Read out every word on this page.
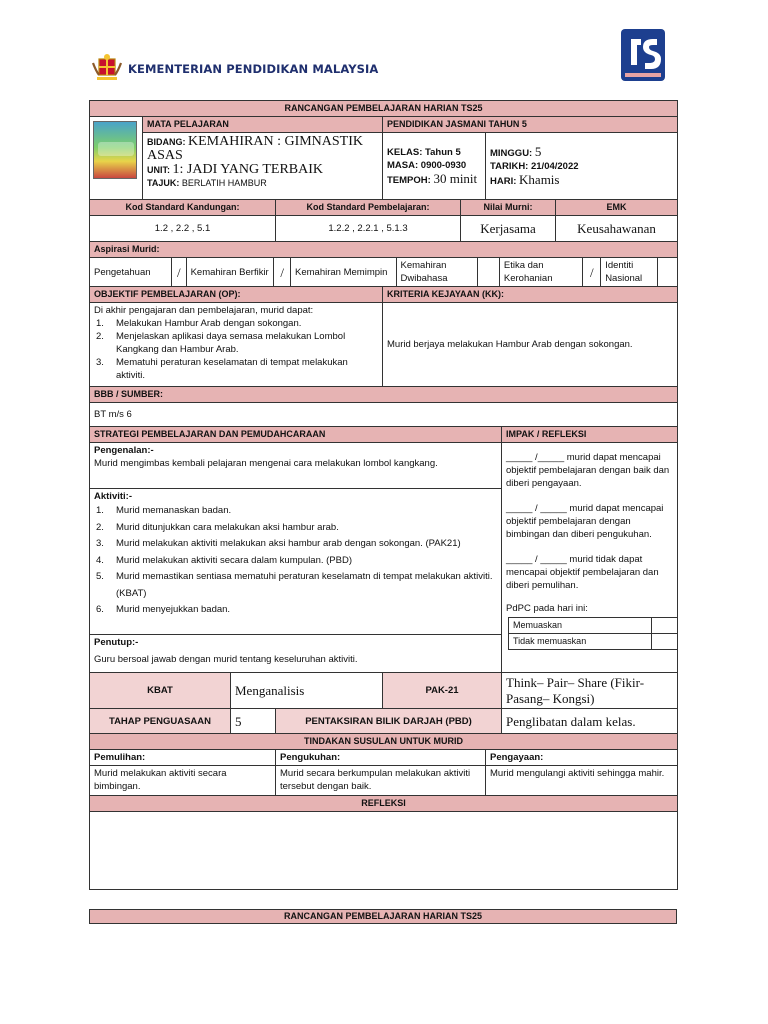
KEMENTERIAN PENDIDIKAN MALAYSIA
RANCANGAN PEMBELAJARAN HARIAN TS25

	MATA PELAJARAN	PENDIDIKAN JASMANI TAHUN 5

BIDANG: KEMAHIRAN : GIMNASTIK ASAS
UNIT: 1: JADI YANG TERBAIK
TAJUK: BERLATIH HAMBUR

KELAS: Tahun 5
MASA: 0900-0930
TEMPOH: 30 minit

MINGGU: 5
TARIKH: 21/04/2022
HARI: Khamis

Kod Standard Kandungan:	Kod Standard Pembelajaran:	Nilai Murni:	EMK
1.2 , 2.2 , 5.1	1.2.2 , 2.2.1 , 5.1.3	Kerjasama	Keusahawanan
Aspirasi Murid:

Pengetahuan	/	Kemahiran Berfikir	/	Kemahiran Memimpin	Kemahiran Dwibahasa		Etika dan Kerohanian	/	Identiti Nasional	

OBJEKTIF PEMBELAJARAN (OP):	KRITERIA KEJAYAAN (KK):

Di akhir pengajaran dan pembelajaran, murid dapat:
1. Melakukan Hambur Arab dengan sokongan.
2. Menjelaskan aplikasi daya semasa melakukan Lombol Kangkang dan Hambur Arab.
3. Mematuhi peraturan keselamatan di tempat melakukan aktiviti.
	Murid berjaya melakukan Hambur Arab dengan sokongan.
BBB / SUMBER:
BT m/s 6
STRATEGI PEMBELAJARAN DAN PEMUDAHCARAAN	IMPAK / REFLEKSI

Pengenalan:-
Murid mengimbas kembali pelajaran mengenai cara melakukan lombol kangkang.

_____ /_____ murid dapat mencapai objektif pembelajaran dengan baik dan diberi pengayaan.
_____ / _____ murid dapat mencapai objektif pembelajaran dengan bimbingan dan diberi pengukuhan.
_____ / _____ murid tidak dapat mencapai objektif pembelajaran dan diberi pemulihan.
PdPC pada hari ini:
Memuaskan	
Tidak memuaskan	

Aktiviti:-
1. Murid memanaskan badan.
2. Murid ditunjukkan cara melakukan aksi hambur arab.
3. Murid melakukan aktiviti melakukan aksi hambur arab dengan sokongan. (PAK21)
4. Murid melakukan aktiviti secara dalam kumpulan. (PBD)
5. Murid memastikan sentiasa mematuhi peraturan keselamatn di tempat melakukan aktiviti. (KBAT)
6. Murid menyejukkan badan.

Penutup:-
Guru bersoal jawab dengan murid tentang keseluruhan aktiviti.

KBAT	Menganalisis	PAK-21	Think– Pair– Share (Fikir- Pasang– Kongsi)
TAHAP PENGUASAAN	5	PENTAKSIRAN BILIK DARJAH (PBD)	Penglibatan dalam kelas.
TINDAKAN SUSULAN UNTUK MURID
Pemulihan:	Pengukuhan:	Pengayaan:
Murid melakukan aktiviti secara bimbingan.	Murid secara berkumpulan melakukan aktiviti tersebut dengan baik.	Murid mengulangi aktiviti sehingga mahir.
REFLEKSI

RANCANGAN PEMBELAJARAN HARIAN TS25
